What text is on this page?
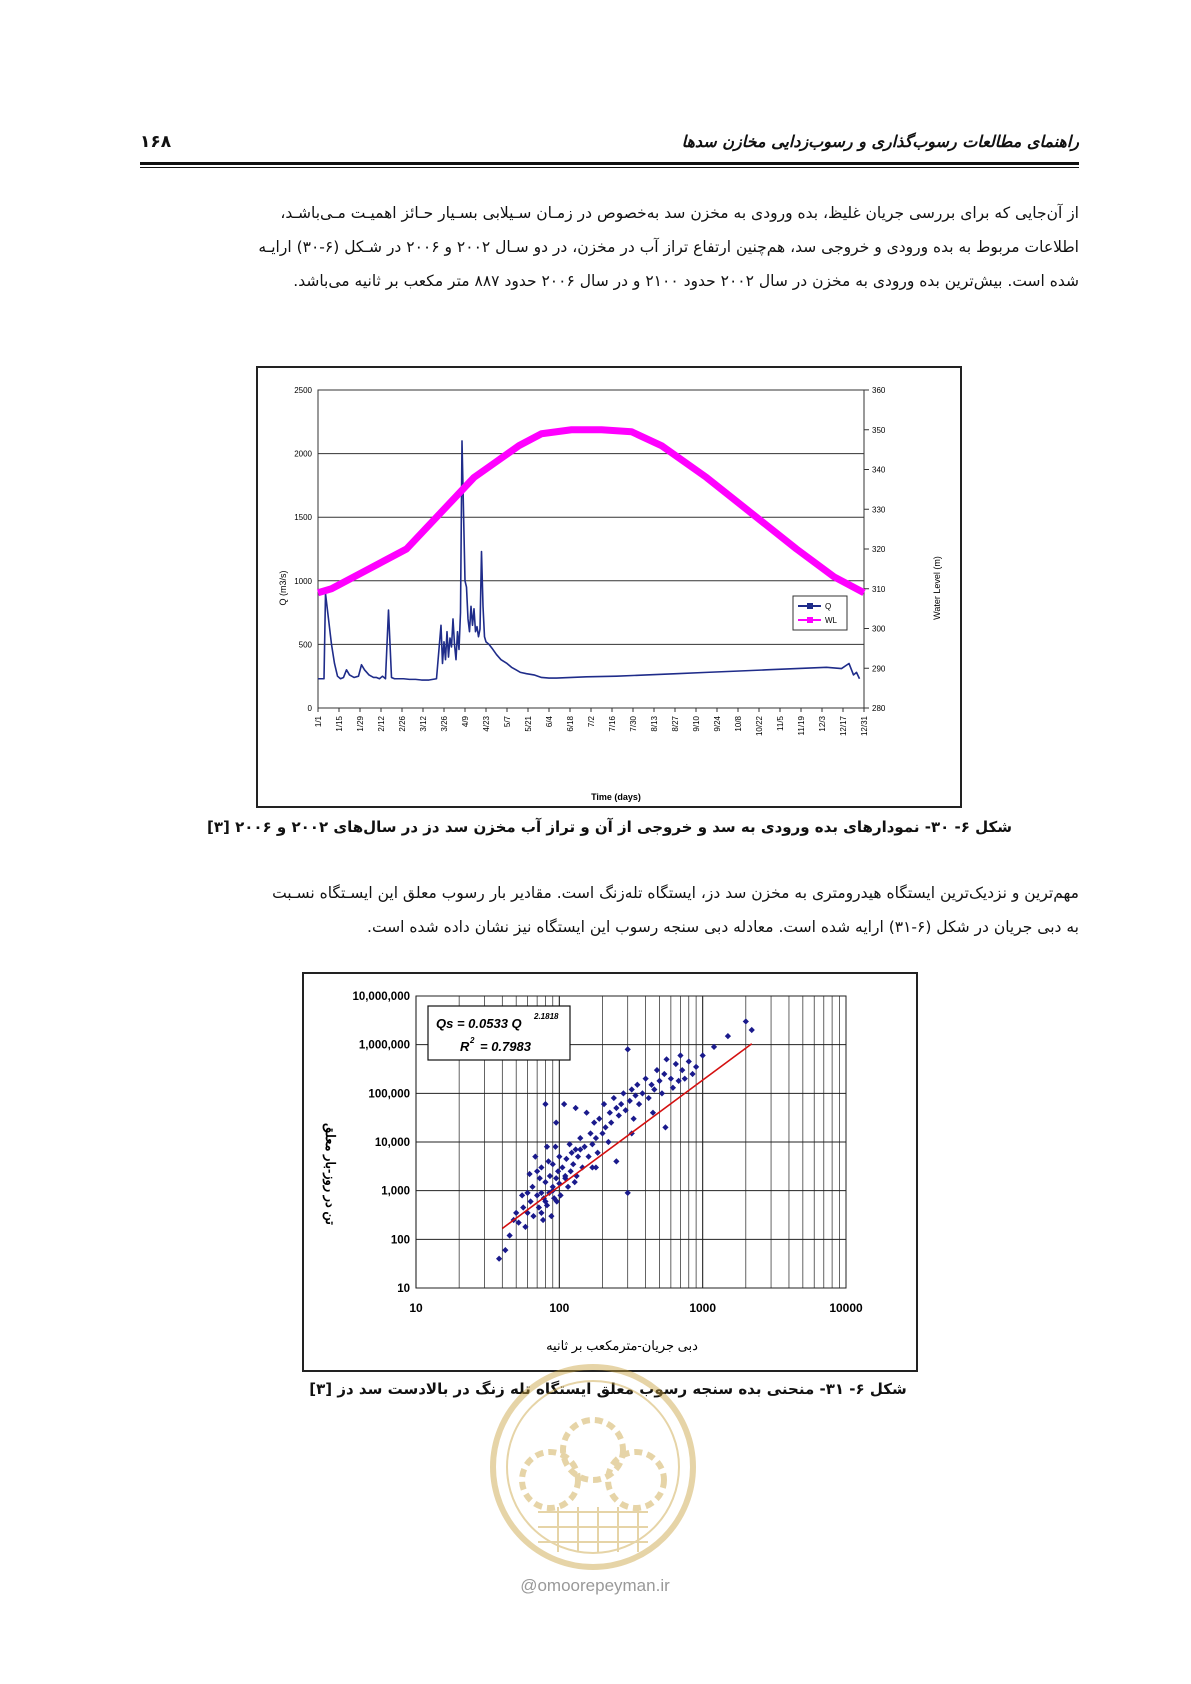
راهنمای مطالعات رسوب‌گذاری و رسوب‌زدایی مخازن سدها
۱۶۸
از آن‌جایی که برای بررسی جریان غلیظ، بده ورودی به مخزن سد به‌خصوص در زمـان سـیلابی بسـیار حـائز اهمیـت مـی‌باشـد،
اطلاعات مربوط به بده ورودی و خروجی سد، هم‌چنین ارتفاع تراز آب در مخزن، در دو سـال ۲۰۰۲ و ۲۰۰۶ در شـکل (۶-۳۰) ارایـه
شده است. بیش‌ترین بده ورودی به مخزن در سال ۲۰۰۲ حدود ۲۱۰۰ و در سال ۲۰۰۶ حدود ۸۸۷ متر مکعب بر ثانیه می‌باشد.
Time (days)
Q (m3/s)	Water Level (m)
0
500
1000
1500
2000
2500
280
290
300
310
320
330
340
350
360
1/1 1/15 1/29 2/12 2/26 3/12 3/26 4/9 4/23 5/7 5/21 6/4 6/18 7/2 7/16 7/30 8/13 8/27 9/10 9/24 10/8 10/22 11/5 11/19 12/3 12/17 12/31
Q
WL
شکل ۶- ۳۰- نمودارهای بده ورودی به سد و خروجی از آن و تراز آب مخزن سد دز در سال‌های ۲۰۰۲ و ۲۰۰۶ [۳]
مهم‌ترین و نزدیک‌ترین ایستگاه هیدرومتری به مخزن سد دز، ایستگاه تله‌زنگ است. مقادیر بار رسوب معلق این ایسـتگاه نسـبت
به دبی جریان در شکل (۶-۳۱) ارایه شده است. معادله دبی سنجه رسوب این ایستگاه نیز نشان داده شده است.
دبی جریان-مترمکعب بر ثانیه
تن در روز-بار معلق
10	100	1000	10000
10
100
1,000
10,000
100,000
1,000,000
10,000,000
Qs = 0.0533 Q 2.1818
R 2 = 0.7983
شکل ۶- ۳۱- منحنی بده سنجه رسوب معلق ایستگاه تله زنگ در بالادست سد دز [۳]
@omoorepeyman.ir
